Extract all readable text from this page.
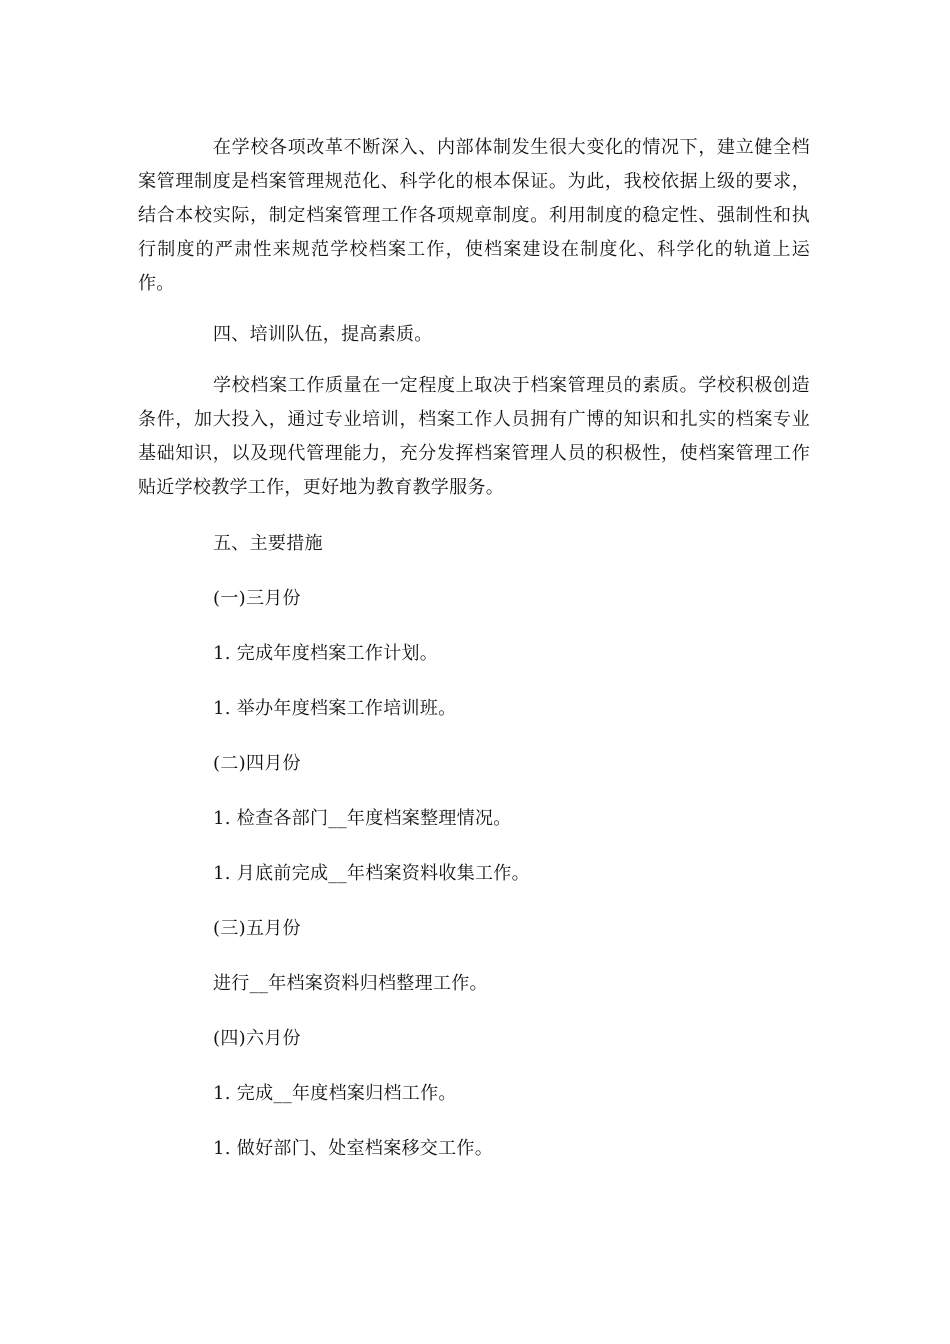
在学校各项改革不断深入、内部体制发生很大变化的情况下，建立健全档案管理制度是档案管理规范化、科学化的根本保证。为此，我校依据上级的要求，结合本校实际，制定档案管理工作各项规章制度。利用制度的稳定性、强制性和执行制度的严肃性来规范学校档案工作，使档案建设在制度化、科学化的轨道上运作。

四、培训队伍，提高素质。

学校档案工作质量在一定程度上取决于档案管理员的素质。学校积极创造条件，加大投入，通过专业培训，档案工作人员拥有广博的知识和扎实的档案专业基础知识，以及现代管理能力，充分发挥档案管理人员的积极性，使档案管理工作贴近学校教学工作，更好地为教育教学服务。

五、主要措施

(一)三月份

1. 完成年度档案工作计划。

1. 举办年度档案工作培训班。

(二)四月份

1. 检查各部门__年度档案整理情况。

1. 月底前完成__年档案资料收集工作。

(三)五月份

进行__年档案资料归档整理工作。

(四)六月份

1. 完成__年度档案归档工作。

1. 做好部门、处室档案移交工作。
